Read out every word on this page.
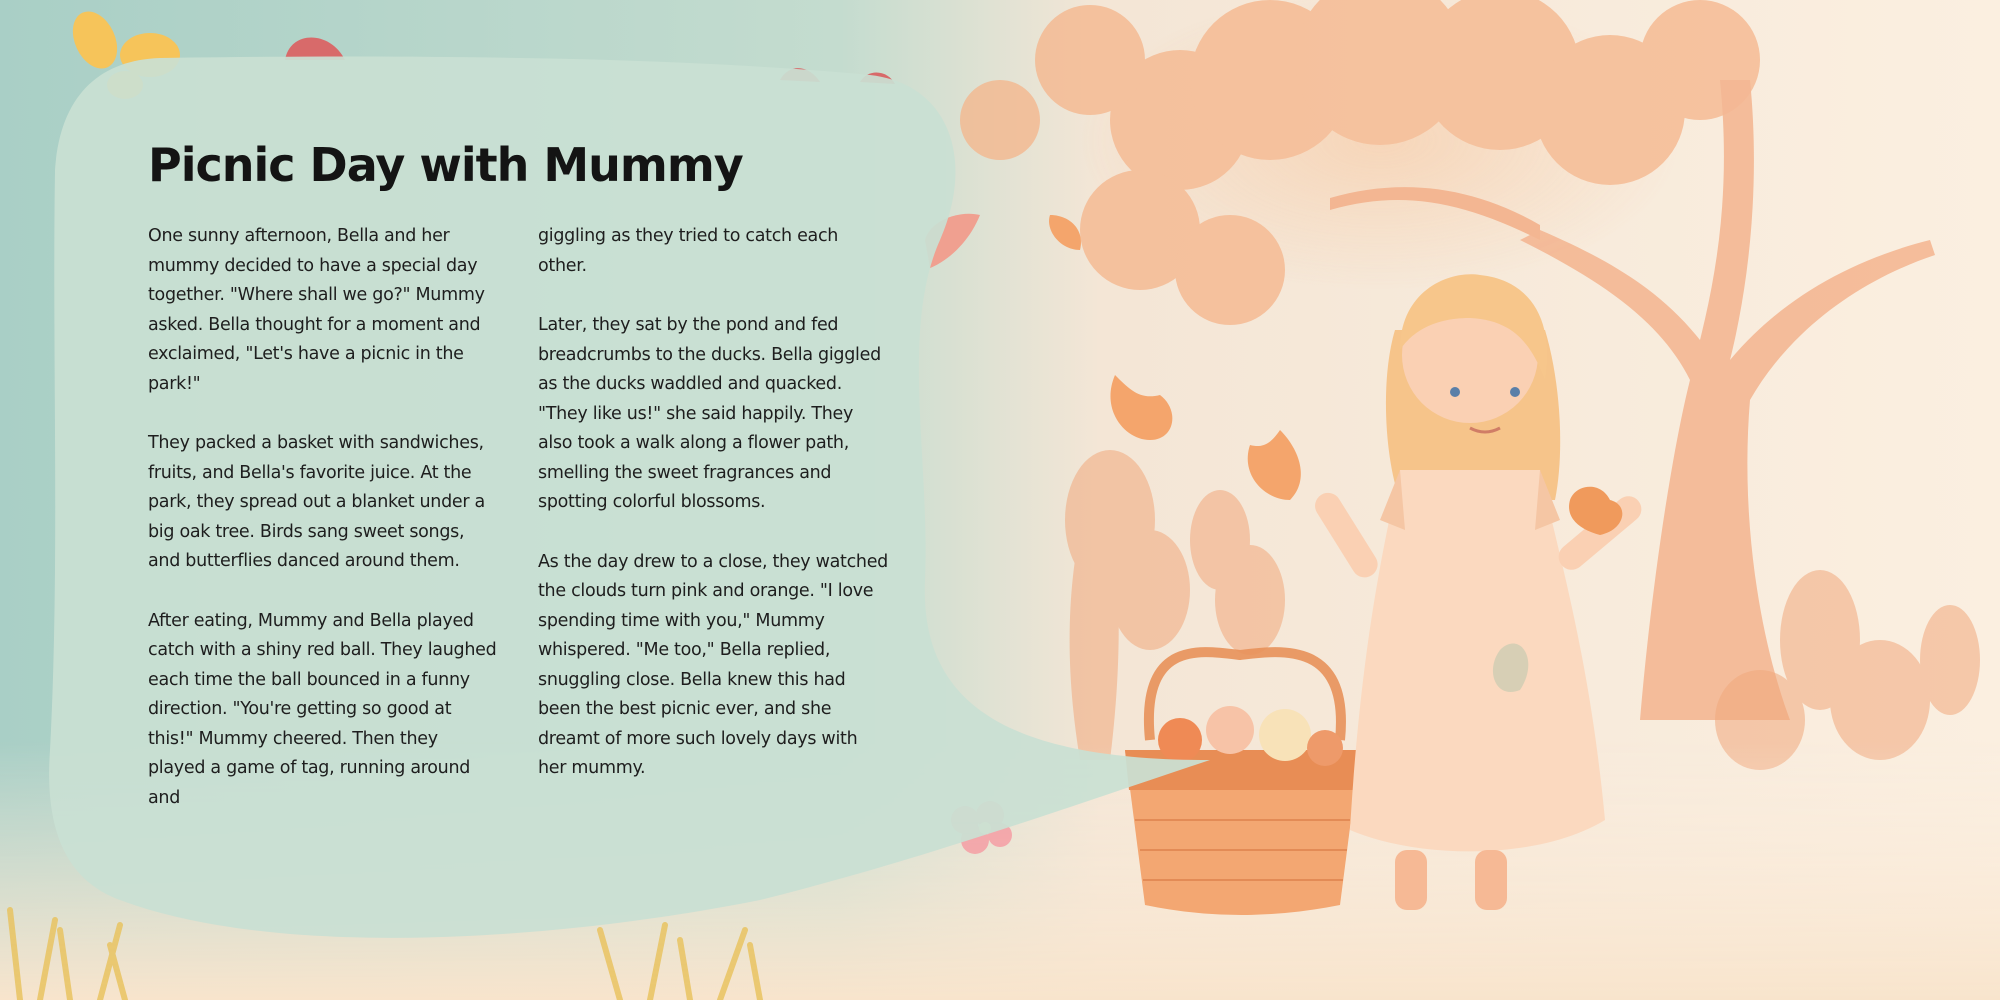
Picnic Day with Mummy

One sunny afternoon, Bella and her mummy decided to have a special day together. "Where shall we go?" Mummy asked. Bella thought for a moment and exclaimed, "Let's have a picnic in the park!"

They packed a basket with sandwiches, fruits, and Bella's favorite juice. At the park, they spread out a blanket under a big oak tree. Birds sang sweet songs, and butterflies danced around them.

After eating, Mummy and Bella played catch with a shiny red ball. They laughed each time the ball bounced in a funny direction. "You're getting so good at this!" Mummy cheered. Then they played a game of tag, running around and

giggling as they tried to catch each other.

Later, they sat by the pond and fed breadcrumbs to the ducks. Bella giggled as the ducks waddled and quacked. "They like us!" she said happily. They also took a walk along a flower path, smelling the sweet fragrances and spotting colorful blossoms.

As the day drew to a close, they watched the clouds turn pink and orange. "I love spending time with you," Mummy whispered. "Me too," Bella replied, snuggling close. Bella knew this had been the best picnic ever, and she dreamt of more such lovely days with her mummy.
